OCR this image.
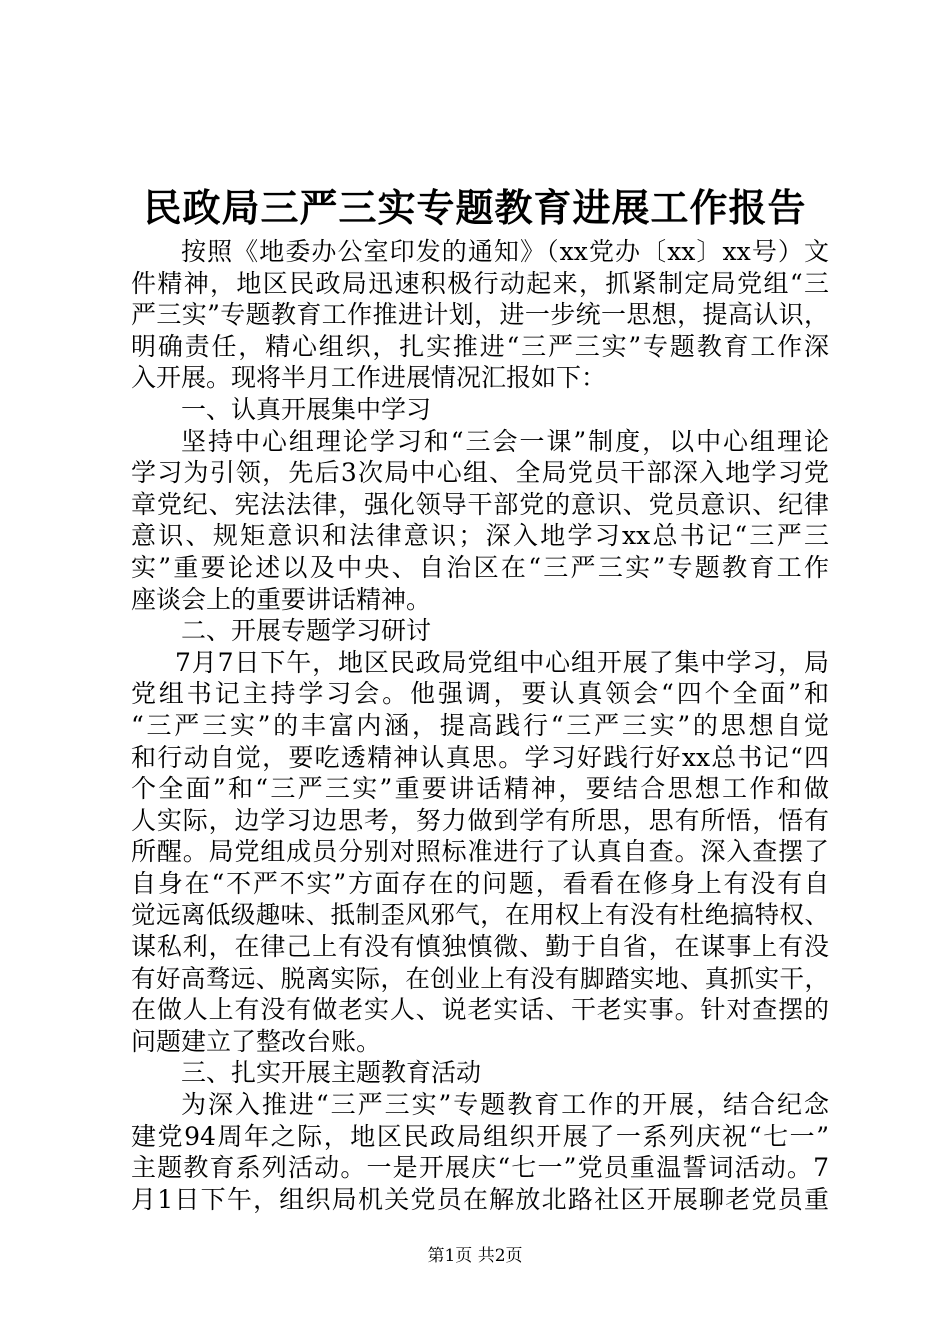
民政局三严三实专题教育进展工作报告
按照《地委办公室印发的通知》（xx党办〔xx〕xx号）文
件精神，地区民政局迅速积极行动起来，抓紧制定局党组“三
严三实”专题教育工作推进计划，进一步统一思想，提高认识，
明确责任，精心组织，扎实推进“三严三实”专题教育工作深
入开展。现将半月工作进展情况汇报如下：
一、认真开展集中学习
坚持中心组理论学习和“三会一课”制度，以中心组理论
学习为引领，先后3次局中心组、全局党员干部深入地学习党
章党纪、宪法法律，强化领导干部党的意识、党员意识、纪律
意识、规矩意识和法律意识；深入地学习xx总书记“三严三
实”重要论述以及中央、自治区在“三严三实”专题教育工作
座谈会上的重要讲话精神。
二、开展专题学习研讨
7月7日下午，地区民政局党组中心组开展了集中学习，局
党组书记主持学习会。他强调，要认真领会“四个全面”和
“三严三实”的丰富内涵，提高践行“三严三实”的思想自觉
和行动自觉，要吃透精神认真思。学习好践行好xx总书记“四
个全面”和“三严三实”重要讲话精神，要结合思想工作和做
人实际，边学习边思考，努力做到学有所思，思有所悟，悟有
所醒。局党组成员分别对照标准进行了认真自查。深入查摆了
自身在“不严不实”方面存在的问题，看看在修身上有没有自
觉远离低级趣味、抵制歪风邪气，在用权上有没有杜绝搞特权、
谋私利，在律己上有没有慎独慎微、勤于自省，在谋事上有没
有好高骛远、脱离实际，在创业上有没有脚踏实地、真抓实干，
在做人上有没有做老实人、说老实话、干老实事。针对查摆的
问题建立了整改台账。
三、扎实开展主题教育活动
为深入推进“三严三实”专题教育工作的开展，结合纪念
建党94周年之际，地区民政局组织开展了一系列庆祝“七一”
主题教育系列活动。一是开展庆“七一”党员重温誓词活动。7
月1日下午，组织局机关党员在解放北路社区开展聊老党员重
第1页 共2页
